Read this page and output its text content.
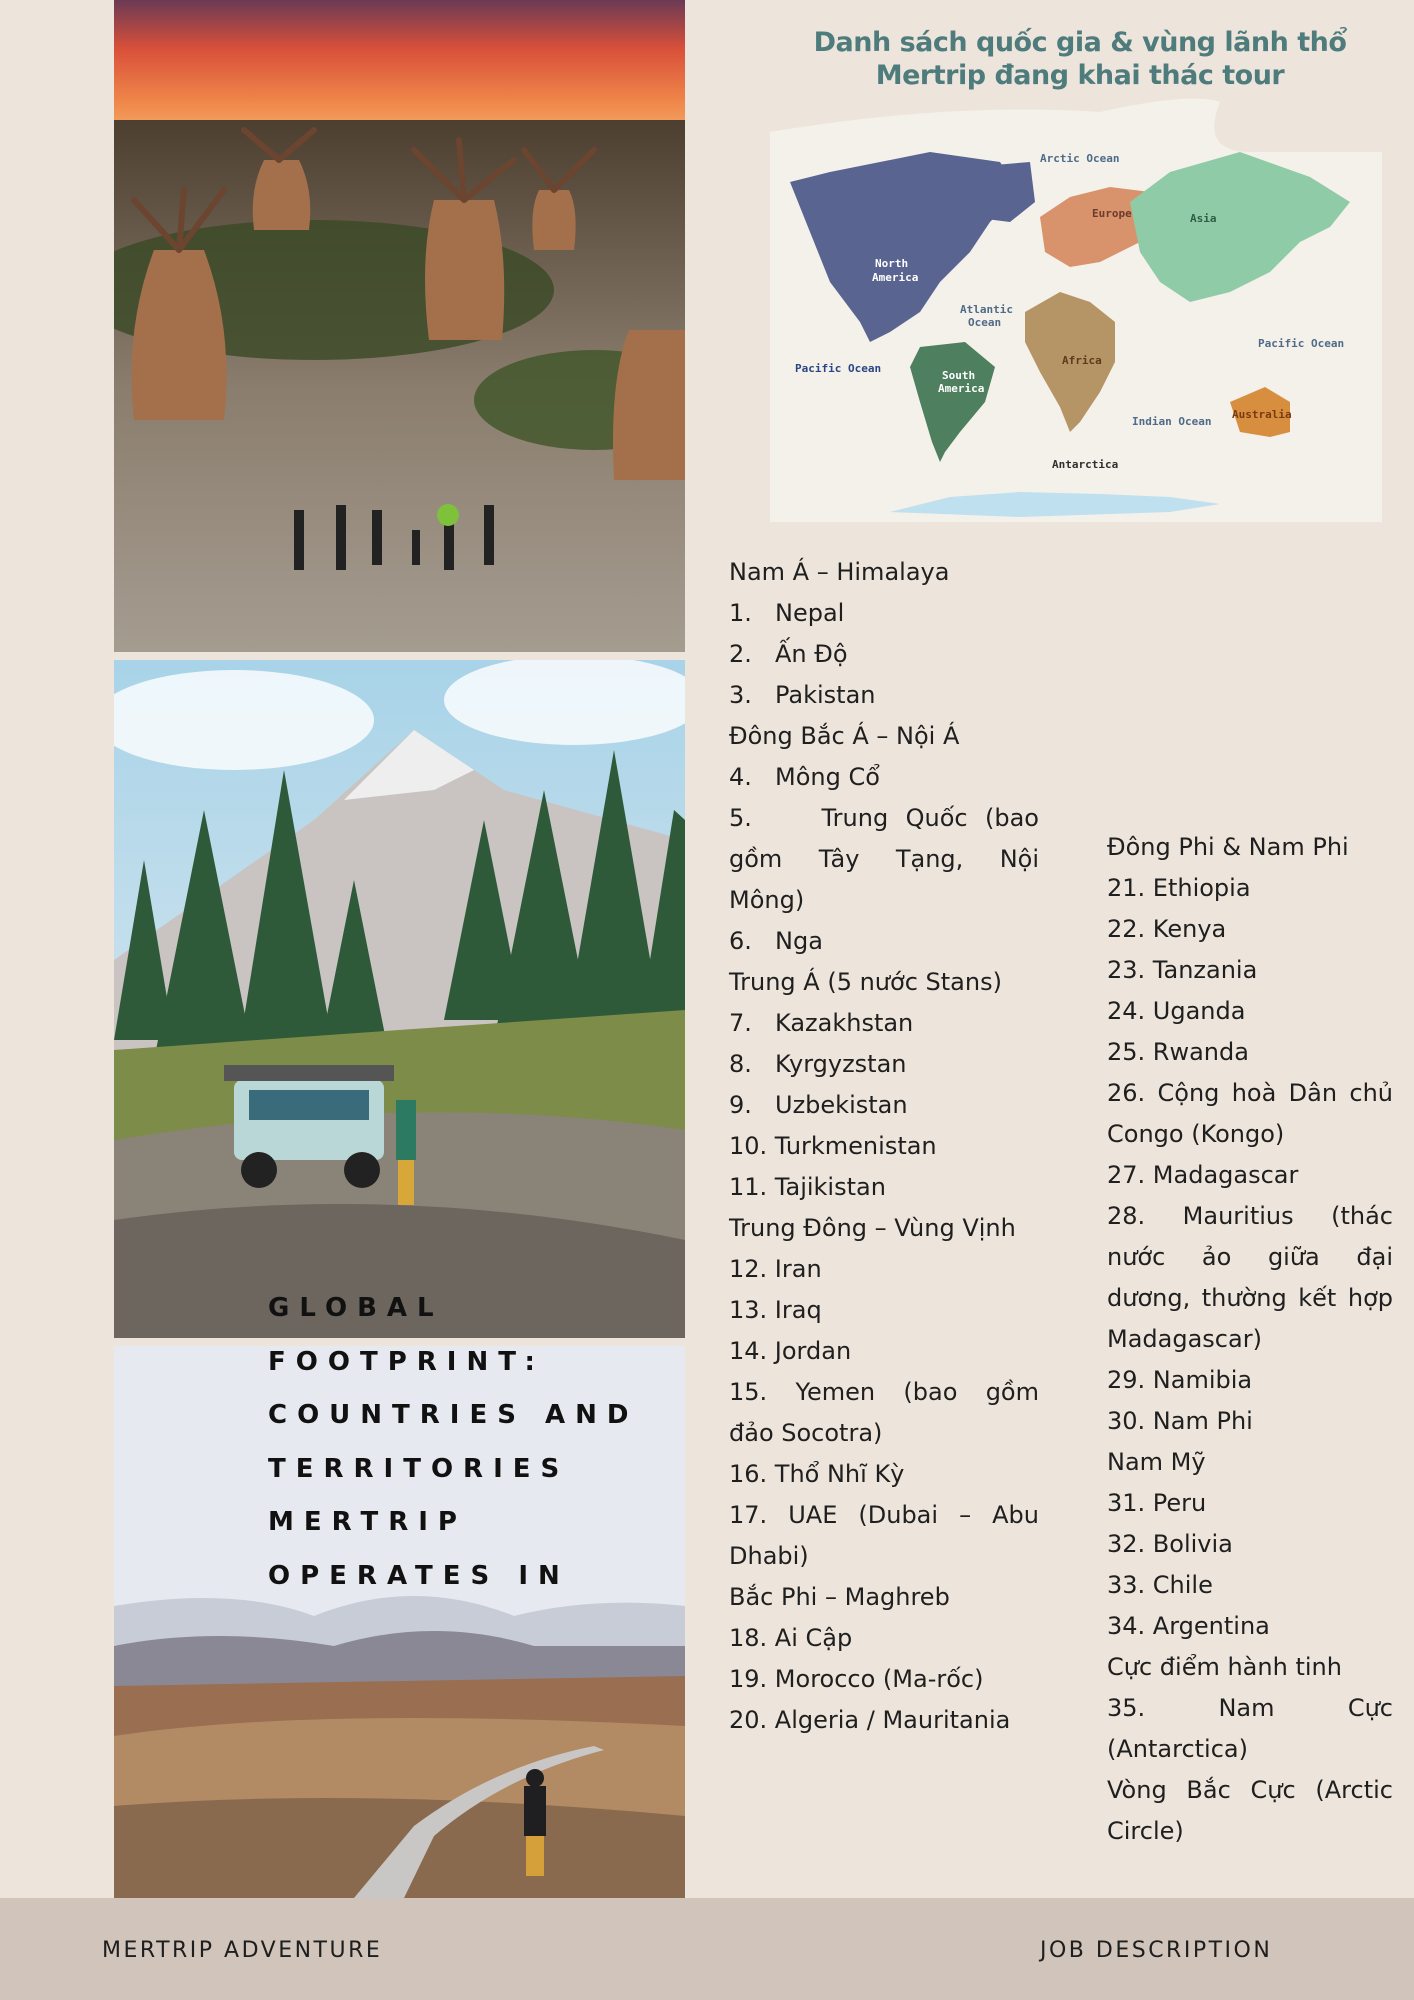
GLOBAL
FOOTPRINT:
COUNTRIES AND
TERRITORIES
MERTRIP
OPERATES IN
Danh sách quốc gia & vùng lãnh thổ
Mertrip đang khai thác tour
Arctic Ocean
Europe	Asia
North
America
Atlantic
Ocean
Pacific Ocean
Pacific Ocean
South
America
Africa
Indian Ocean
Australia
Antarctica
Nam Á – Himalaya
1. Nepal
2. Ấn Độ
3. Pakistan
Đông Bắc Á – Nội Á
4. Mông Cổ
5.	Trung Quốc (bao
gồm Tây Tạng, Nội
Mông)
6. Nga
Trung Á (5 nước Stans)
7. Kazakhstan
8. Kyrgyzstan
9. Uzbekistan
10. Turkmenistan
11. Tajikistan
Trung Đông – Vùng Vịnh
12. Iran
13. Iraq
14. Jordan
15. Yemen (bao gồm
đảo Socotra)
16. Thổ Nhĩ Kỳ
17. UAE (Dubai – Abu
Dhabi)
Bắc Phi – Maghreb
18. Ai Cập
19. Morocco (Ma-rốc)
20. Algeria / Mauritania
Đông Phi & Nam Phi
21. Ethiopia
22. Kenya
23. Tanzania
24. Uganda
25. Rwanda
26. Cộng hoà Dân chủ
Congo (Kongo)
27. Madagascar
28. Mauritius (thác
nước ảo giữa đại
dương, thường kết hợp
Madagascar)
29. Namibia
30. Nam Phi
Nam Mỹ
31. Peru
32. Bolivia
33. Chile
34. Argentina
Cực điểm hành tinh
35. Nam Cực
(Antarctica)
Vòng Bắc Cực (Arctic
Circle)
MERTRIP ADVENTURE	JOB DESCRIPTION
